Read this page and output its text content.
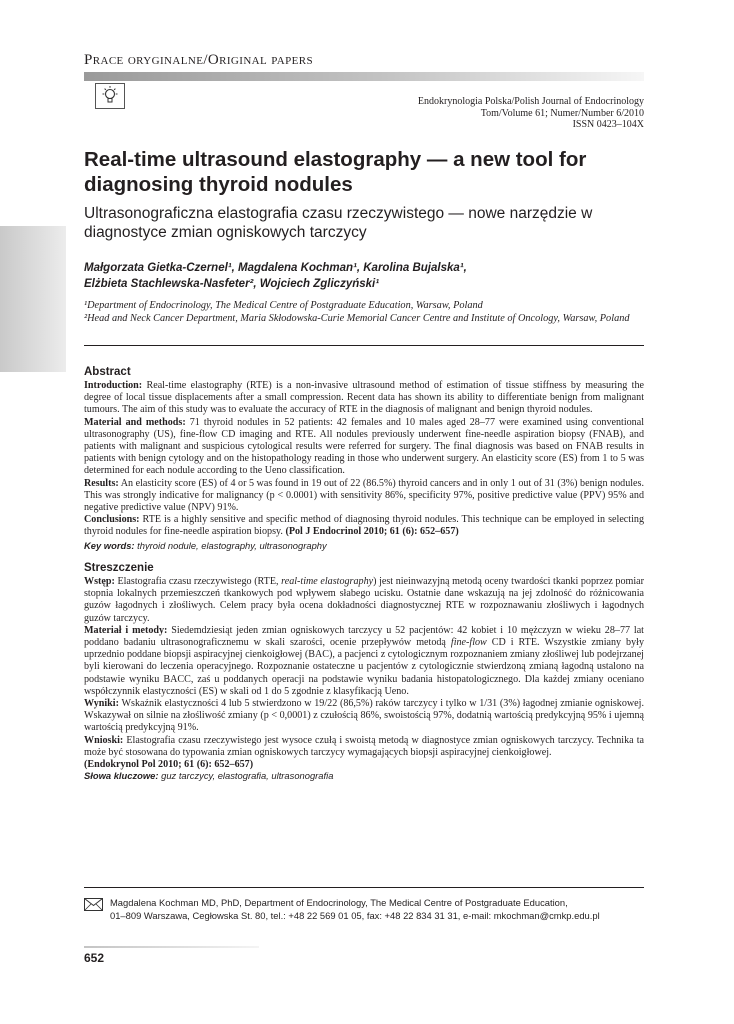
Prace oryginalne/Original papers
Endokrynologia Polska/Polish Journal of Endocrinology
Tom/Volume 61; Numer/Number 6/2010
ISSN 0423–104X
Real-time ultrasound elastography — a new tool for diagnosing thyroid nodules
Ultrasonograficzna elastografia czasu rzeczywistego — nowe narzędzie w diagnostyce zmian ogniskowych tarczycy
Małgorzata Gietka-Czernel¹, Magdalena Kochman¹, Karolina Bujalska¹,
Elżbieta Stachlewska-Nasfeter², Wojciech Zgliczyński¹
¹Department of Endocrinology, The Medical Centre of Postgraduate Education, Warsaw, Poland
²Head and Neck Cancer Department, Maria Skłodowska-Curie Memorial Cancer Centre and Institute of Oncology, Warsaw, Poland
Abstract
Introduction: Real-time elastography (RTE) is a non-invasive ultrasound method of estimation of tissue stiffness by measuring the degree of local tissue displacements after a small compression. Recent data has shown its ability to differentiate benign from malignant tumours. The aim of this study was to evaluate the accuracy of RTE in the diagnosis of malignant and benign thyroid nodules.
Material and methods: 71 thyroid nodules in 52 patients: 42 females and 10 males aged 28–77 were examined using conventional ultrasonography (US), fine-flow CD imaging and RTE. All nodules previously underwent fine-needle aspiration biopsy (FNAB), and patients with malignant and suspicious cytological results were referred for surgery. The final diagnosis was based on FNAB results in patients with benign cytology and on the histopathology reading in those who underwent surgery. An elasticity score (ES) from 1 to 5 was determined for each nodule according to the Ueno classification.
Results: An elasticity score (ES) of 4 or 5 was found in 19 out of 22 (86.5%) thyroid cancers and in only 1 out of 31 (3%) benign nodules. This was strongly indicative for malignancy (p < 0.0001) with sensitivity 86%, specificity 97%, positive predictive value (PPV) 95% and negative predictive value (NPV) 91%.
Conclusions: RTE is a highly sensitive and specific method of diagnosing thyroid nodules. This technique can be employed in selecting thyroid nodules for fine-needle aspiration biopsy. (Pol J Endocrinol 2010; 61 (6): 652–657)
Key words: thyroid nodule, elastography, ultrasonography
Streszczenie
Wstęp: Elastografia czasu rzeczywistego (RTE, real-time elastography) jest nieinwazyjną metodą oceny twardości tkanki poprzez pomiar stopnia lokalnych przemieszczeń tkankowych pod wpływem słabego ucisku. Ostatnie dane wskazują na jej zdolność do różnicowania guzów łagodnych i złośliwych. Celem pracy była ocena dokładności diagnostycznej RTE w rozpoznawaniu złośliwych i łagodnych guzów tarczycy.
Materiał i metody: Siedemdziesiąt jeden zmian ogniskowych tarczycy u 52 pacjentów: 42 kobiet i 10 mężczyzn w wieku 28–77 lat poddano badaniu ultrasonograficznemu w skali szarości, ocenie przepływów metodą fine-flow CD i RTE. Wszystkie zmiany były uprzednio poddane biopsji aspiracyjnej cienkoigłowej (BAC), a pacjenci z cytologicznym rozpoznaniem zmiany złośliwej lub podejrzanej byli kierowani do leczenia operacyjnego. Rozpoznanie ostateczne u pacjentów z cytologicznie stwierdzoną zmianą łagodną ustalono na podstawie wyniku BACC, zaś u poddanych operacji na podstawie wyniku badania histopatologicznego. Dla każdej zmiany oceniano współczynnik elastyczności (ES) w skali od 1 do 5 zgodnie z klasyfikacją Ueno.
Wyniki: Wskaźnik elastyczności 4 lub 5 stwierdzono w 19/22 (86,5%) raków tarczycy i tylko w 1/31 (3%) łagodnej zmianie ogniskowej. Wskazywał on silnie na złośliwość zmiany (p < 0,0001) z czułością 86%, swoistością 97%, dodatnią wartością predykcyjną 95% i ujemną wartością predykcyjną 91%.
Wnioski: Elastografia czasu rzeczywistego jest wysoce czułą i swoistą metodą w diagnostyce zmian ogniskowych tarczycy. Technika ta może być stosowana do typowania zmian ogniskowych tarczycy wymagających biopsji aspiracyjnej cienkoigłowej.
(Endokrynol Pol 2010; 61 (6): 652–657)
Słowa kluczowe: guz tarczycy, elastografia, ultrasonografia
Magdalena Kochman MD, PhD, Department of Endocrinology, The Medical Centre of Postgraduate Education,
01–809 Warszawa, Cegłowska St. 80, tel.: +48 22 569 01 05, fax: +48 22 834 31 31, e-mail: mkochman@cmkp.edu.pl
652
